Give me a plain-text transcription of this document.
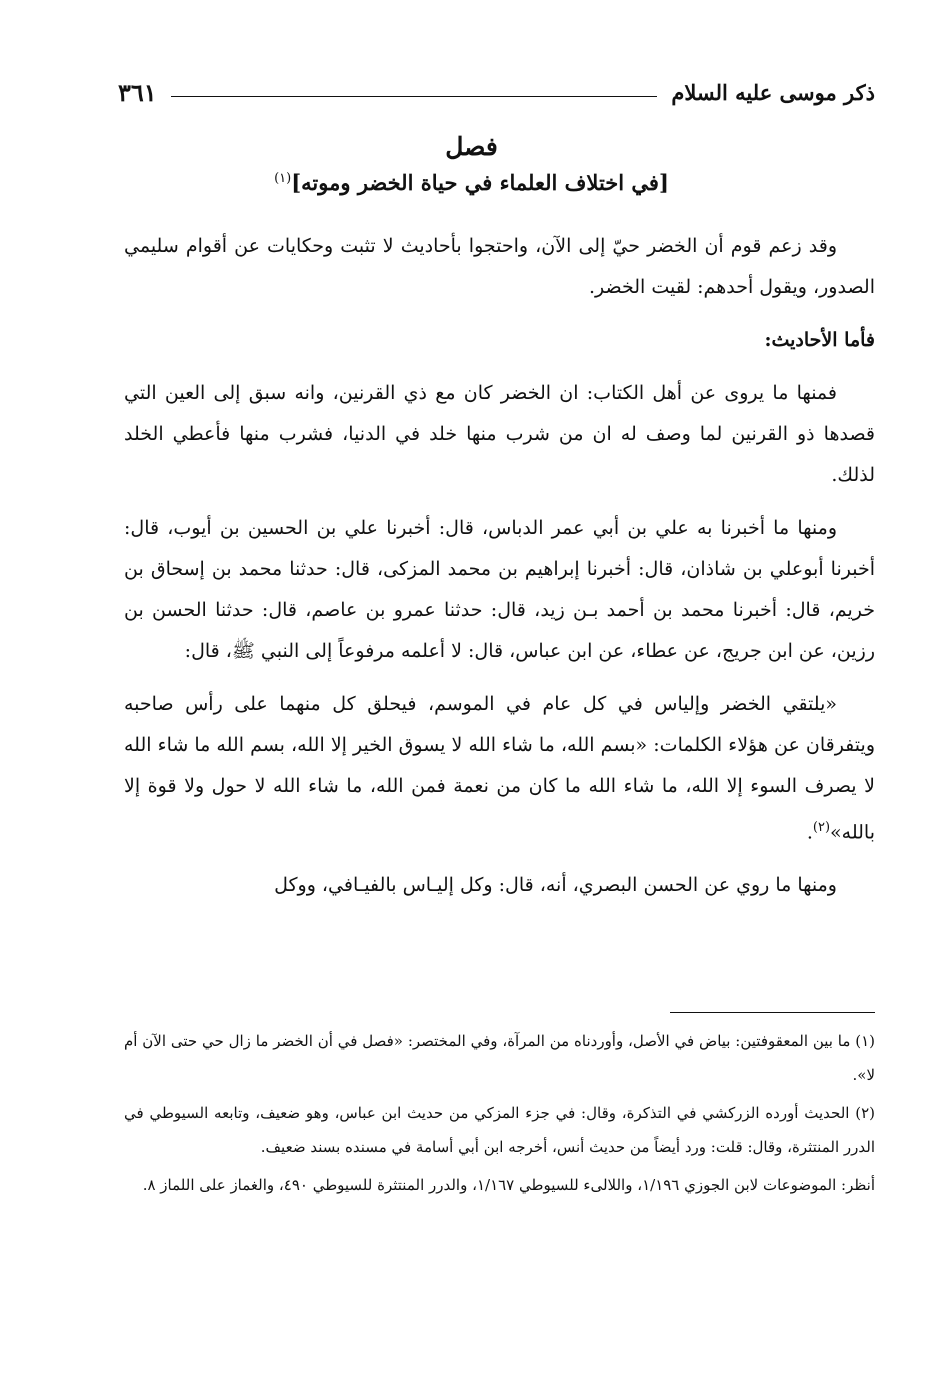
ذكر موسى عليه السلام
٣٦١
فصل
[في اختلاف العلماء في حياة الخضر وموته]$^{(١)}$

وقد زعم قوم أن الخضر حيّ إلى الآن، واحتجوا بأحاديث لا تثبت وحكايات عن أقوام سليمي الصدور، ويقول أحدهم: لقيت الخضر.

فأما الأحاديث:

فمنها ما يروى عن أهل الكتاب: ان الخضر كان مع ذي القرنين، وانه سبق إلى العين التي قصدها ذو القرنين لما وصف له ان من شرب منها خلد في الدنيا، فشرب منها فأعطي الخلد لذلك.

ومنها ما أخبرنا به علي بن أبي عمر الدباس، قال: أخبرنا علي بن الحسين بن أيوب، قال: أخبرنا أبوعلي بن شاذان، قال: أخبرنا إبراهيم بن محمد المزكى، قال: حدثنا محمد بن إسحاق بن خريم، قال: أخبرنا محمد بن أحمد بـن زيد، قال: حدثنا عمرو بن عاصم، قال: حدثنا الحسن بن رزين، عن ابن جريج، عن عطاء، عن ابن عباس، قال: لا أعلمه مرفوعاً إلى النبي ﷺ، قال:

«يلتقي الخضر وإلياس في كل عام في الموسم، فيحلق كل منهما على رأس صاحبه ويتفرقان عن هؤلاء الكلمات: «بسم الله، ما شاء الله لا يسوق الخير إلا الله، بسم الله ما شاء الله لا يصرف السوء إلا الله، ما شاء الله ما كان من نعمة فمن الله، ما شاء الله لا حول ولا قوة إلا بالله»$^{(٢)}$.

ومنها ما روي عن الحسن البصري، أنه، قال: وكل إليـاس بالفيـافي، ووكل

(١) ما بين المعقوفتين: بياض في الأصل، وأوردناه من المرآة، وفي المختصر: «فصل في أن الخضر ما زال حي حتى الآن أم لا».

(٢) الحديث أورده الزركشي في التذكرة، وقال: في جزء المزكي من حديث ابن عباس، وهو ضعيف، وتابعه السيوطي في الدرر المنتثرة، وقال: قلت: ورد أيضاً من حديث أنس، أخرجه ابن أبي أسامة في مسنده بسند ضعيف.

أنظر: الموضوعات لابن الجوزي ١/١٩٦، واللالىء للسيوطي ١/١٦٧، والدرر المنتثرة للسيوطي ٤٩٠، والغماز على اللماز ٨.
